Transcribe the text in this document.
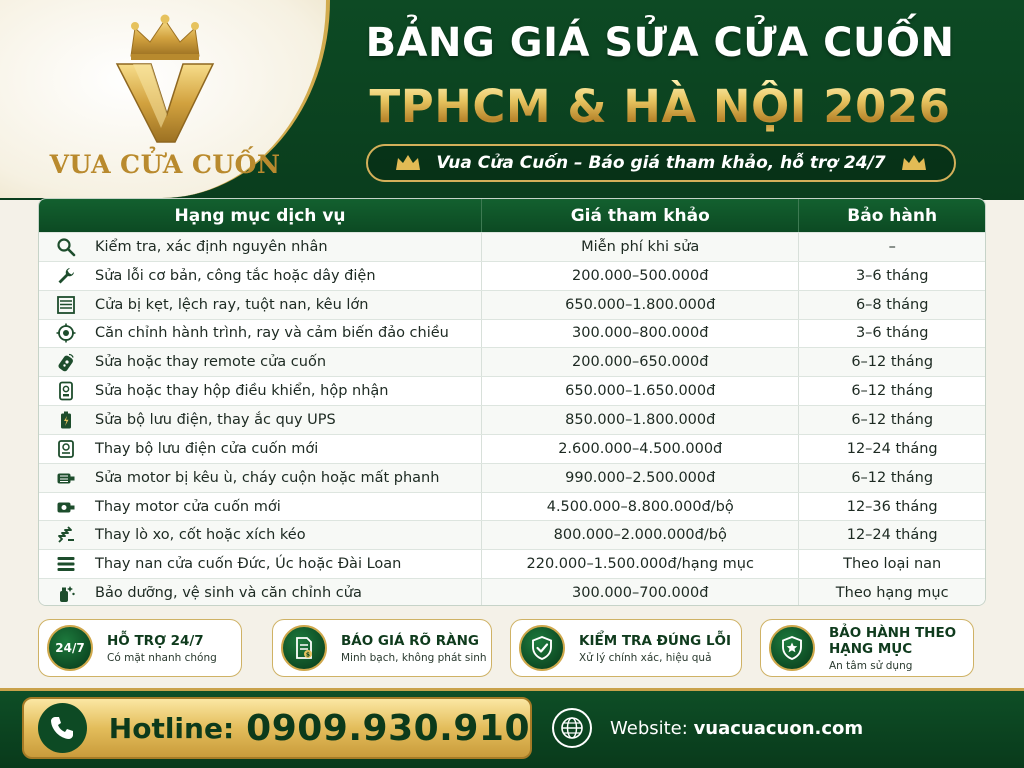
VUA CỬA CUỐN
BẢNG GIÁ SỬA CỬA CUỐN
TPHCM & HÀ NỘI 2026
Vua Cửa Cuốn – Báo giá tham khảo, hỗ trợ 24/7
Hạng mục dịch vụ	Giá tham khảo	Bảo hành
Kiểm tra, xác định nguyên nhân	Miễn phí khi sửa	–
Sửa lỗi cơ bản, công tắc hoặc dây điện	200.000–500.000đ	3–6 tháng
Cửa bị kẹt, lệch ray, tuột nan, kêu lớn	650.000–1.800.000đ	6–8 tháng
Căn chỉnh hành trình, ray và cảm biến đảo chiều	300.000–800.000đ	3–6 tháng
Sửa hoặc thay remote cửa cuốn	200.000–650.000đ	6–12 tháng
Sửa hoặc thay hộp điều khiển, hộp nhận	650.000–1.650.000đ	6–12 tháng
Sửa bộ lưu điện, thay ắc quy UPS	850.000–1.800.000đ	6–12 tháng
Thay bộ lưu điện cửa cuốn mới	2.600.000–4.500.000đ	12–24 tháng
Sửa motor bị kêu ù, cháy cuộn hoặc mất phanh	990.000–2.500.000đ	6–12 tháng
Thay motor cửa cuốn mới	4.500.000–8.800.000đ/bộ	12–36 tháng
Thay lò xo, cốt hoặc xích kéo	800.000–2.000.000đ/bộ	12–24 tháng
Thay nan cửa cuốn Đức, Úc hoặc Đài Loan	220.000–1.500.000đ/hạng mục	Theo loại nan
Bảo dưỡng, vệ sinh và căn chỉnh cửa	300.000–700.000đ	Theo hạng mục
24/7 HỖ TRỢ 24/7
Có mặt nhanh chóng	$
BÁO GIÁ RÕ RÀNG
Minh bạch, không phát sinh
KIỂM TRA ĐÚNG LỖI
Xử lý chính xác, hiệu quả
BẢO HÀNH THEO HẠNG MỤC
An tâm sử dụng
Hotline: 0909.930.910	Website: vuacuacuon.com
